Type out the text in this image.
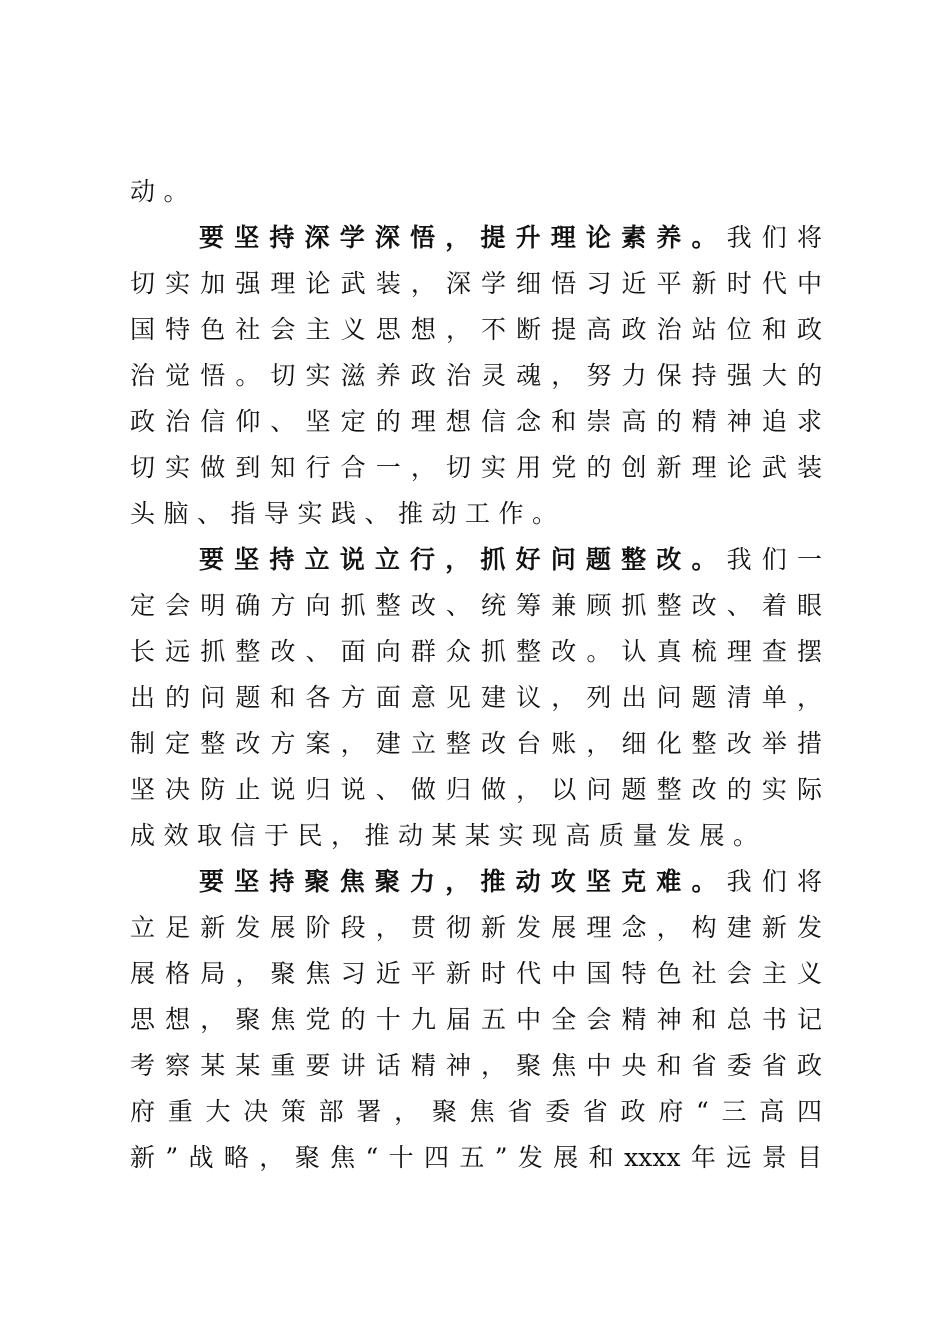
动。
要坚持深学深悟，提升理论素养。我们将
切实加强理论武装，深学细悟习近平新时代中
国特色社会主义思想，不断提高政治站位和政
治觉悟。切实滋养政治灵魂，努力保持强大的
政治信仰、坚定的理想信念和崇高的精神追求
切实做到知行合一，切实用党的创新理论武装
头脑、指导实践、推动工作。
要坚持立说立行，抓好问题整改。我们一
定会明确方向抓整改、统筹兼顾抓整改、着眼
长远抓整改、面向群众抓整改。认真梳理查摆
出的问题和各方面意见建议，列出问题清单，
制定整改方案，建立整改台账，细化整改举措
坚决防止说归说、做归做，以问题整改的实际
成效取信于民，推动某某实现高质量发展。
要坚持聚焦聚力，推动攻坚克难。我们将
立足新发展阶段，贯彻新发展理念，构建新发
展格局，聚焦习近平新时代中国特色社会主义
思想，聚焦党的十九届五中全会精神和总书记
考察某某重要讲话精神，聚焦中央和省委省政
府重大决策部署，聚焦省委省政府“三高四
新”战略，聚焦“十四五”发展和xxxx年远景目
